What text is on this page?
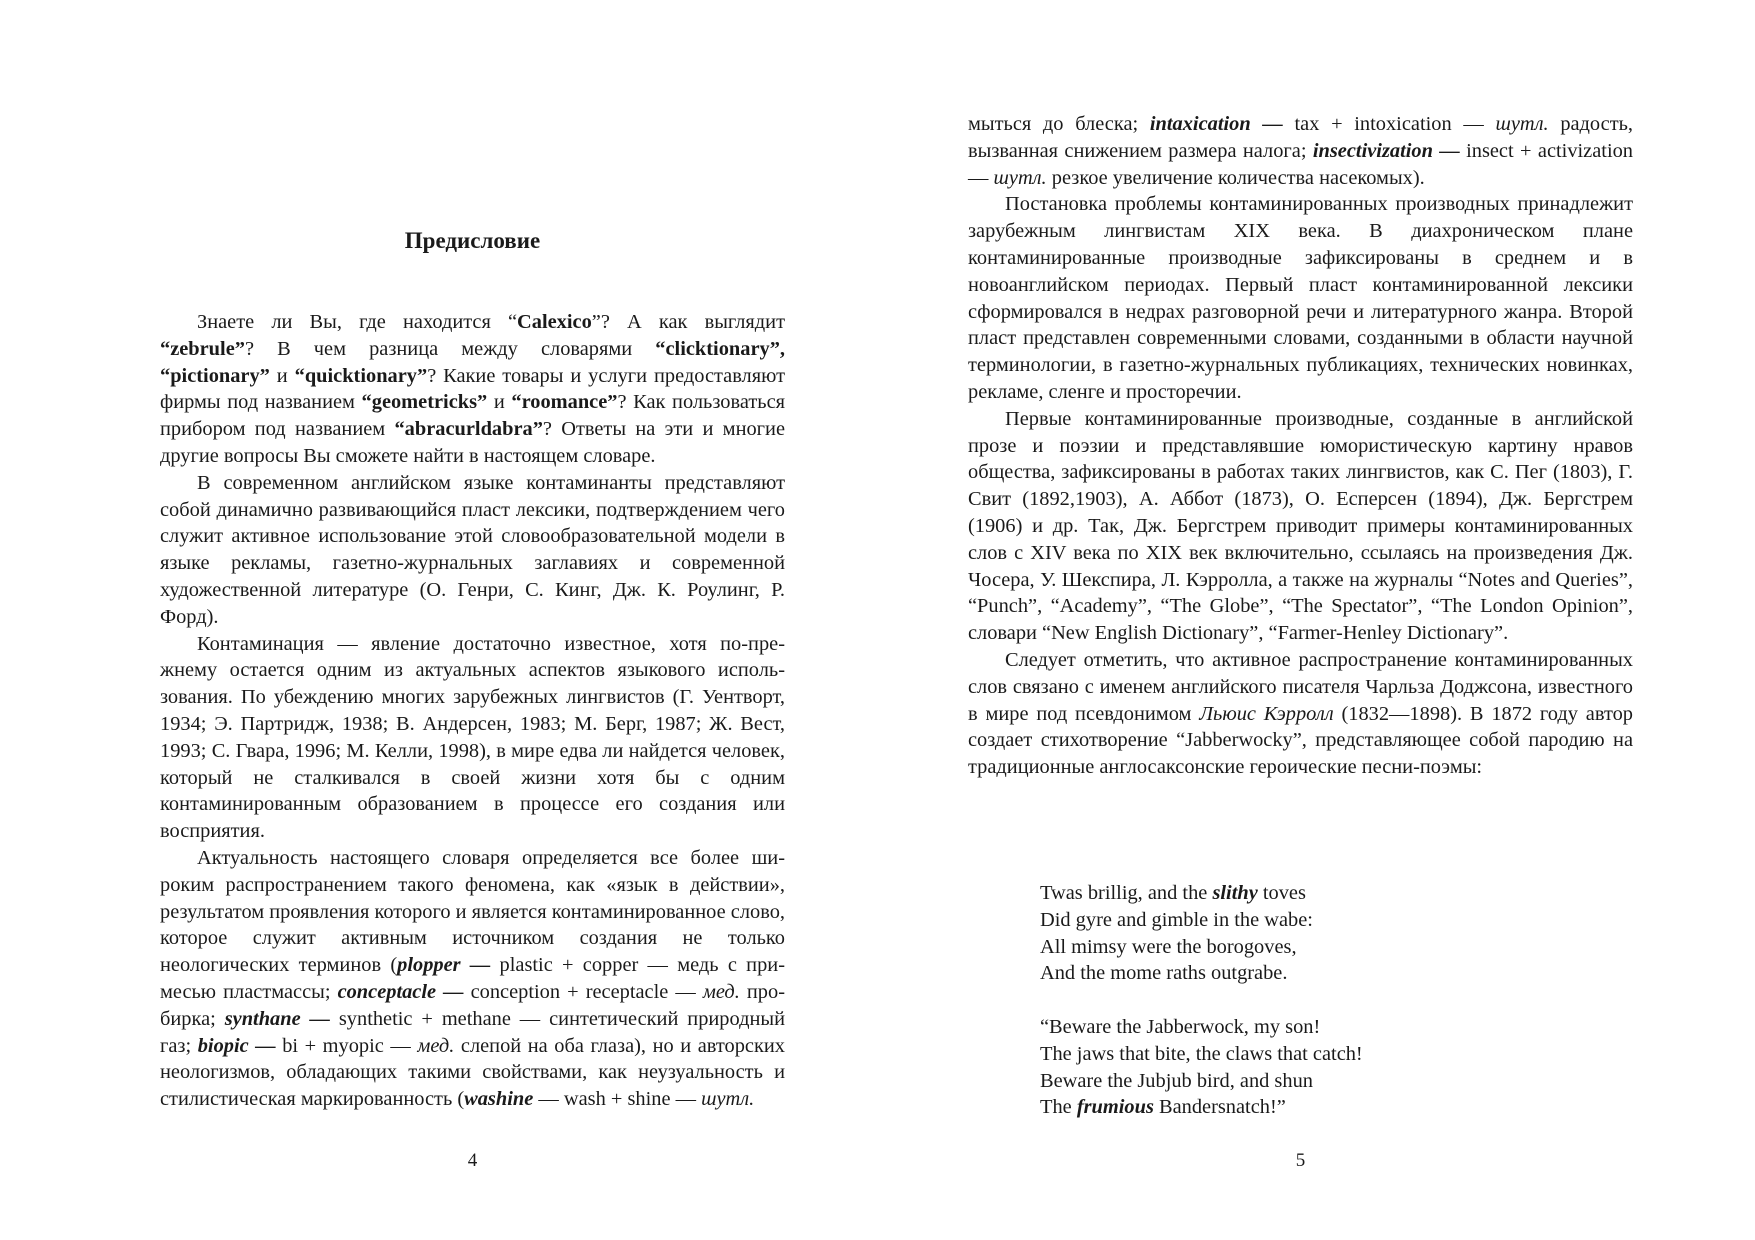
Предисловие

Знаете ли Вы, где находится “Calexico”? А как выглядит “zebrule”? В чем разница между словарями “clicktionary”, “pictionary” и “quicktionary”? Какие товары и услуги предоставляют фирмы под названием “geometricks” и “roomance”? Как пользоваться прибором под названием “abracurldabra”? Ответы на эти и многие другие вопросы Вы сможете найти в настоящем словаре.

В современном английском языке контаминанты представляют собой динамично развивающийся пласт лексики, подтверждением чего служит активное использование этой словообразовательной модели в языке рекламы, газетно-журнальных заглавиях и современной художественной литературе (О. Генри, С. Кинг, Дж. К. Роулинг, Р. Форд).

Контаминация — явление достаточно известное, хотя по-прежнему остается одним из актуальных аспектов языкового использования. По убеждению многих зарубежных лингвистов (Г. Уентворт, 1934; Э. Партридж, 1938; В. Андерсен, 1983; М. Берг, 1987; Ж. Вест, 1993; С. Гвара, 1996; М. Келли, 1998), в мире едва ли найдется человек, который не сталкивался в своей жизни хотя бы с одним контаминированным образованием в процессе его создания или восприятия.

Актуальность настоящего словаря определяется все более широким распространением такого феномена, как «язык в действии», результатом проявления которого и является контаминированное слово, которое служит активным источником создания не только неологических терминов (plopper — plastic + copper — медь с примесью пластмассы; conceptacle — conception + receptacle — мед. пробирка; synthane — synthetic + methane — синтетический природный газ; biopic — bi + myopic — мед. слепой на оба глаза), но и авторских неологизмов, обладающих такими свойствами, как неузуальность и стилистическая маркированность (washine — wash + shine — шутл.

4

мыться до блеска; intaxication — tax + intoxication — шутл. радость, вызванная снижением размера налога; insectivization — insect + activization — шутл. резкое увеличение количества насекомых).

Постановка проблемы контаминированных производных принадлежит зарубежным лингвистам XIX века. В диахроническом плане контаминированные производные зафиксированы в среднем и в новоанглийском периодах. Первый пласт контаминированной лексики сформировался в недрах разговорной речи и литературного жанра. Второй пласт представлен современными словами, созданными в области научной терминологии, в газетно-журнальных публикациях, технических новинках, рекламе, сленге и просторечии.

Первые контаминированные производные, созданные в английской прозе и поэзии и представлявшие юмористическую картину нравов общества, зафиксированы в работах таких лингвистов, как С. Пег (1803), Г. Свит (1892,1903), А. Аббот (1873), О. Есперсен (1894), Дж. Бергстрем (1906) и др. Так, Дж. Бергстрем приводит примеры контаминированных слов с XIV века по XIX век включительно, ссылаясь на произведения Дж. Чосера, У. Шекспира, Л. Кэрролла, а также на журналы “Notes and Queries”, “Punch”, “Academy”, “The Globe”, “The Spectator”, “The London Opinion”, словари “New English Dictionary”, “Farmer-Henley Dictionary”.

Следует отметить, что активное распространение контаминированных слов связано с именем английского писателя Чарльза Доджсона, известного в мире под псевдонимом Льюис Кэрролл (1832—1898). В 1872 году автор создает стихотворение “Jabberwocky”, представляющее собой пародию на традиционные англосаксонские героические песни-поэмы:

Twas brillig, and the slithy toves
Did gyre and gimble in the wabe:
All mimsy were the borogoves,
And the mome raths outgrabe.
“Beware the Jabberwock, my son!
The jaws that bite, the claws that catch!
Beware the Jubjub bird, and shun
The frumious Bandersnatch!”
5
